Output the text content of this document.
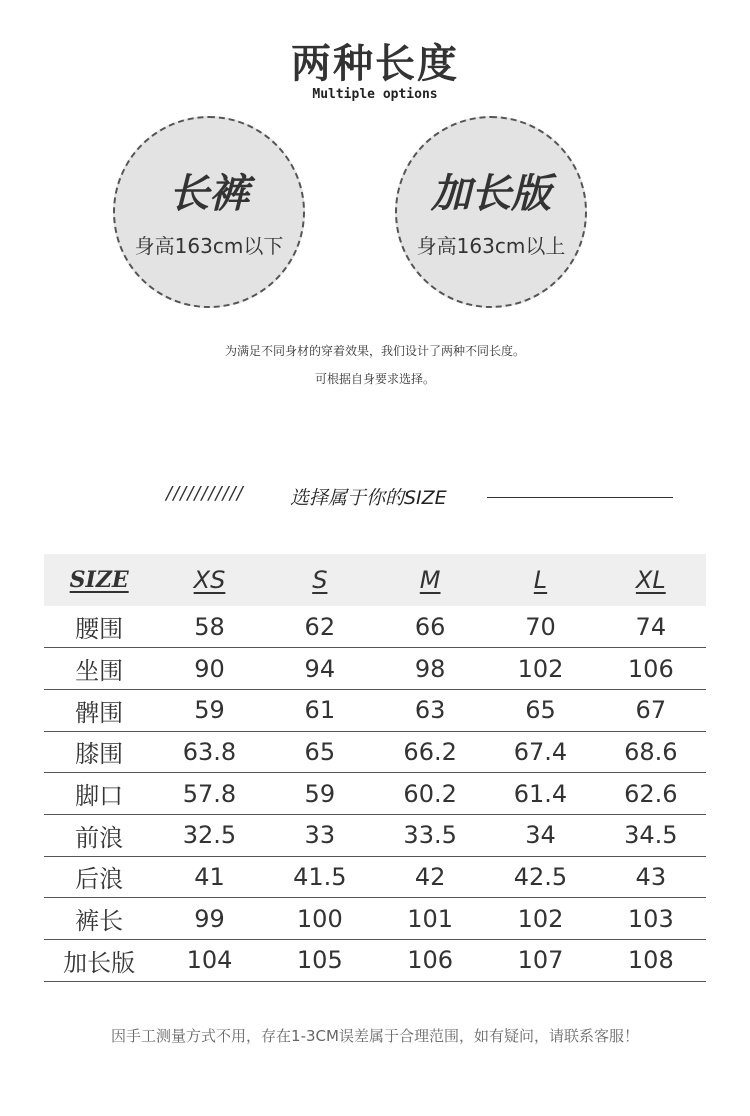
两种长度
Multiple options
长裤
身高163cm以下
加长版
身高163cm以上
为满足不同身材的穿着效果，我们设计了两种不同长度。
可根据自身要求选择。
/////////// 选择属于你的SIZE
SIZE	XS	S	M	L	XL
腰围	58	62	66	70	74
坐围	90	94	98	102	106
髀围	59	61	63	65	67
膝围	63.8	65	66.2	67.4	68.6
脚口	57.8	59	60.2	61.4	62.6
前浪	32.5	33	33.5	34	34.5
后浪	41	41.5	42	42.5	43
裤长	99	100	101	102	103
加长版	104	105	106	107	108
因手工测量方式不用，存在1-3CM误差属于合理范围，如有疑问，请联系客服！
